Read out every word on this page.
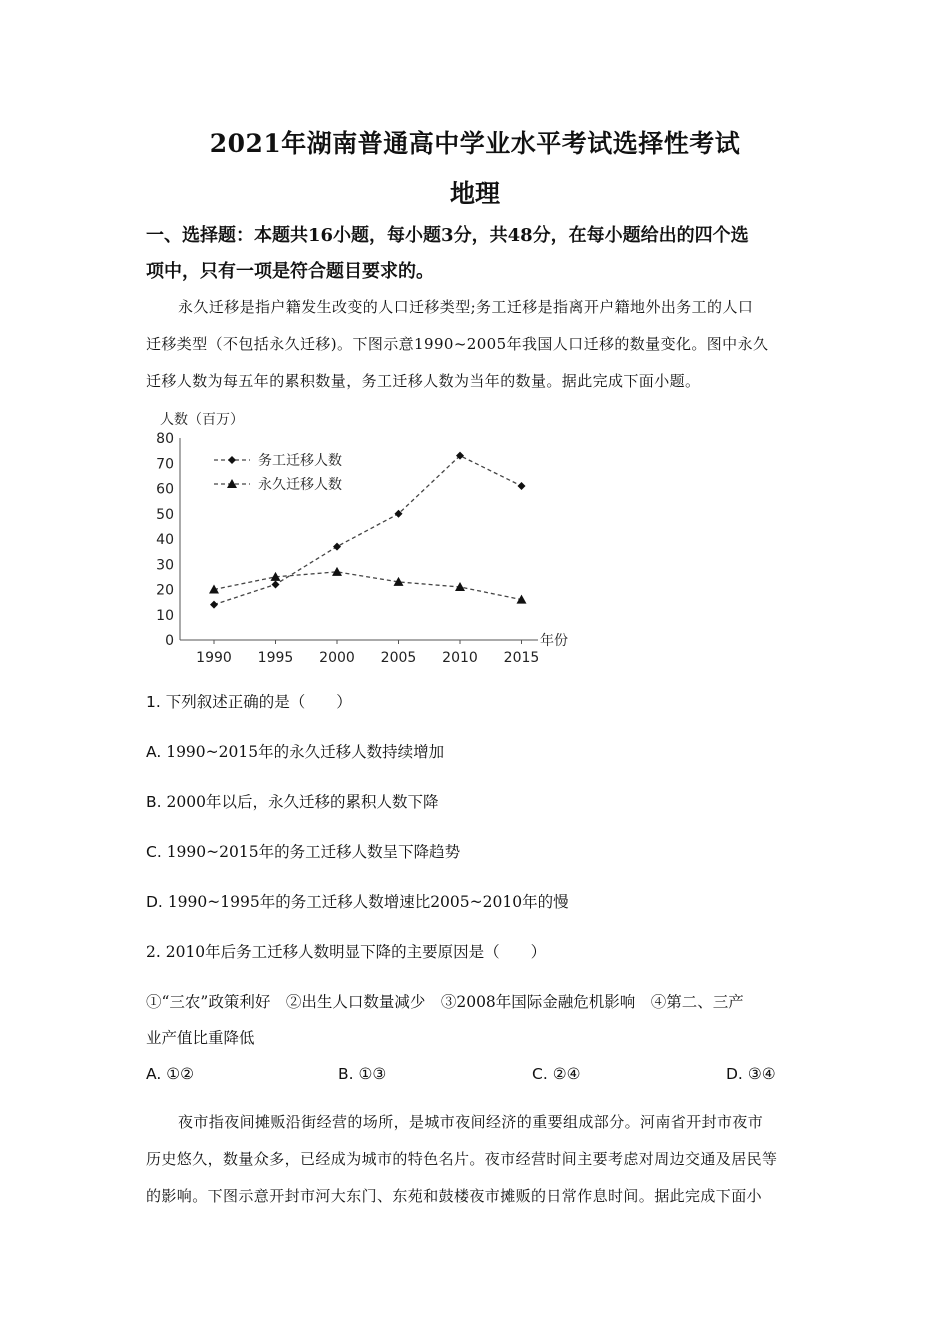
2021年湖南普通高中学业水平考试选择性考试
地理
一、选择题：本题共16小题，每小题3分，共48分，在每小题给出的四个选
项中，只有一项是符合题目要求的。
永久迁移是指户籍发生改变的人口迁移类型;务工迁移是指离开户籍地外出务工的人口
迁移类型（不包括永久迁移)。下图示意1990~2005年我国人口迁移的数量变化。图中永久
迁移人数为每五年的累积数量，务工迁移人数为当年的数量。据此完成下面小题。
人数（百万）
年份
0
10
20
30
40
50
60
70
80
1990 1995 2000 2005 2010 2015
务工迁移人数
永久迁移人数
1. 下列叙述正确的是（　　）
A. 1990~2015年的永久迁移人数持续增加
B. 2000年以后，永久迁移的累积人数下降
C. 1990~2015年的务工迁移人数呈下降趋势
D. 1990~1995年的务工迁移人数增速比2005~2010年的慢
2. 2010年后务工迁移人数明显下降的主要原因是（　　）
①“三农”政策利好　②出生人口数量减少　③2008年国际金融危机影响　④第二、三产
业产值比重降低
A. ①②	B. ①③	C. ②④	D. ③④
夜市指夜间摊贩沿街经营的场所，是城市夜间经济的重要组成部分。河南省开封市夜市
历史悠久，数量众多，已经成为城市的特色名片。夜市经营时间主要考虑对周边交通及居民等
的影响。下图示意开封市河大东门、东苑和鼓楼夜市摊贩的日常作息时间。据此完成下面小
